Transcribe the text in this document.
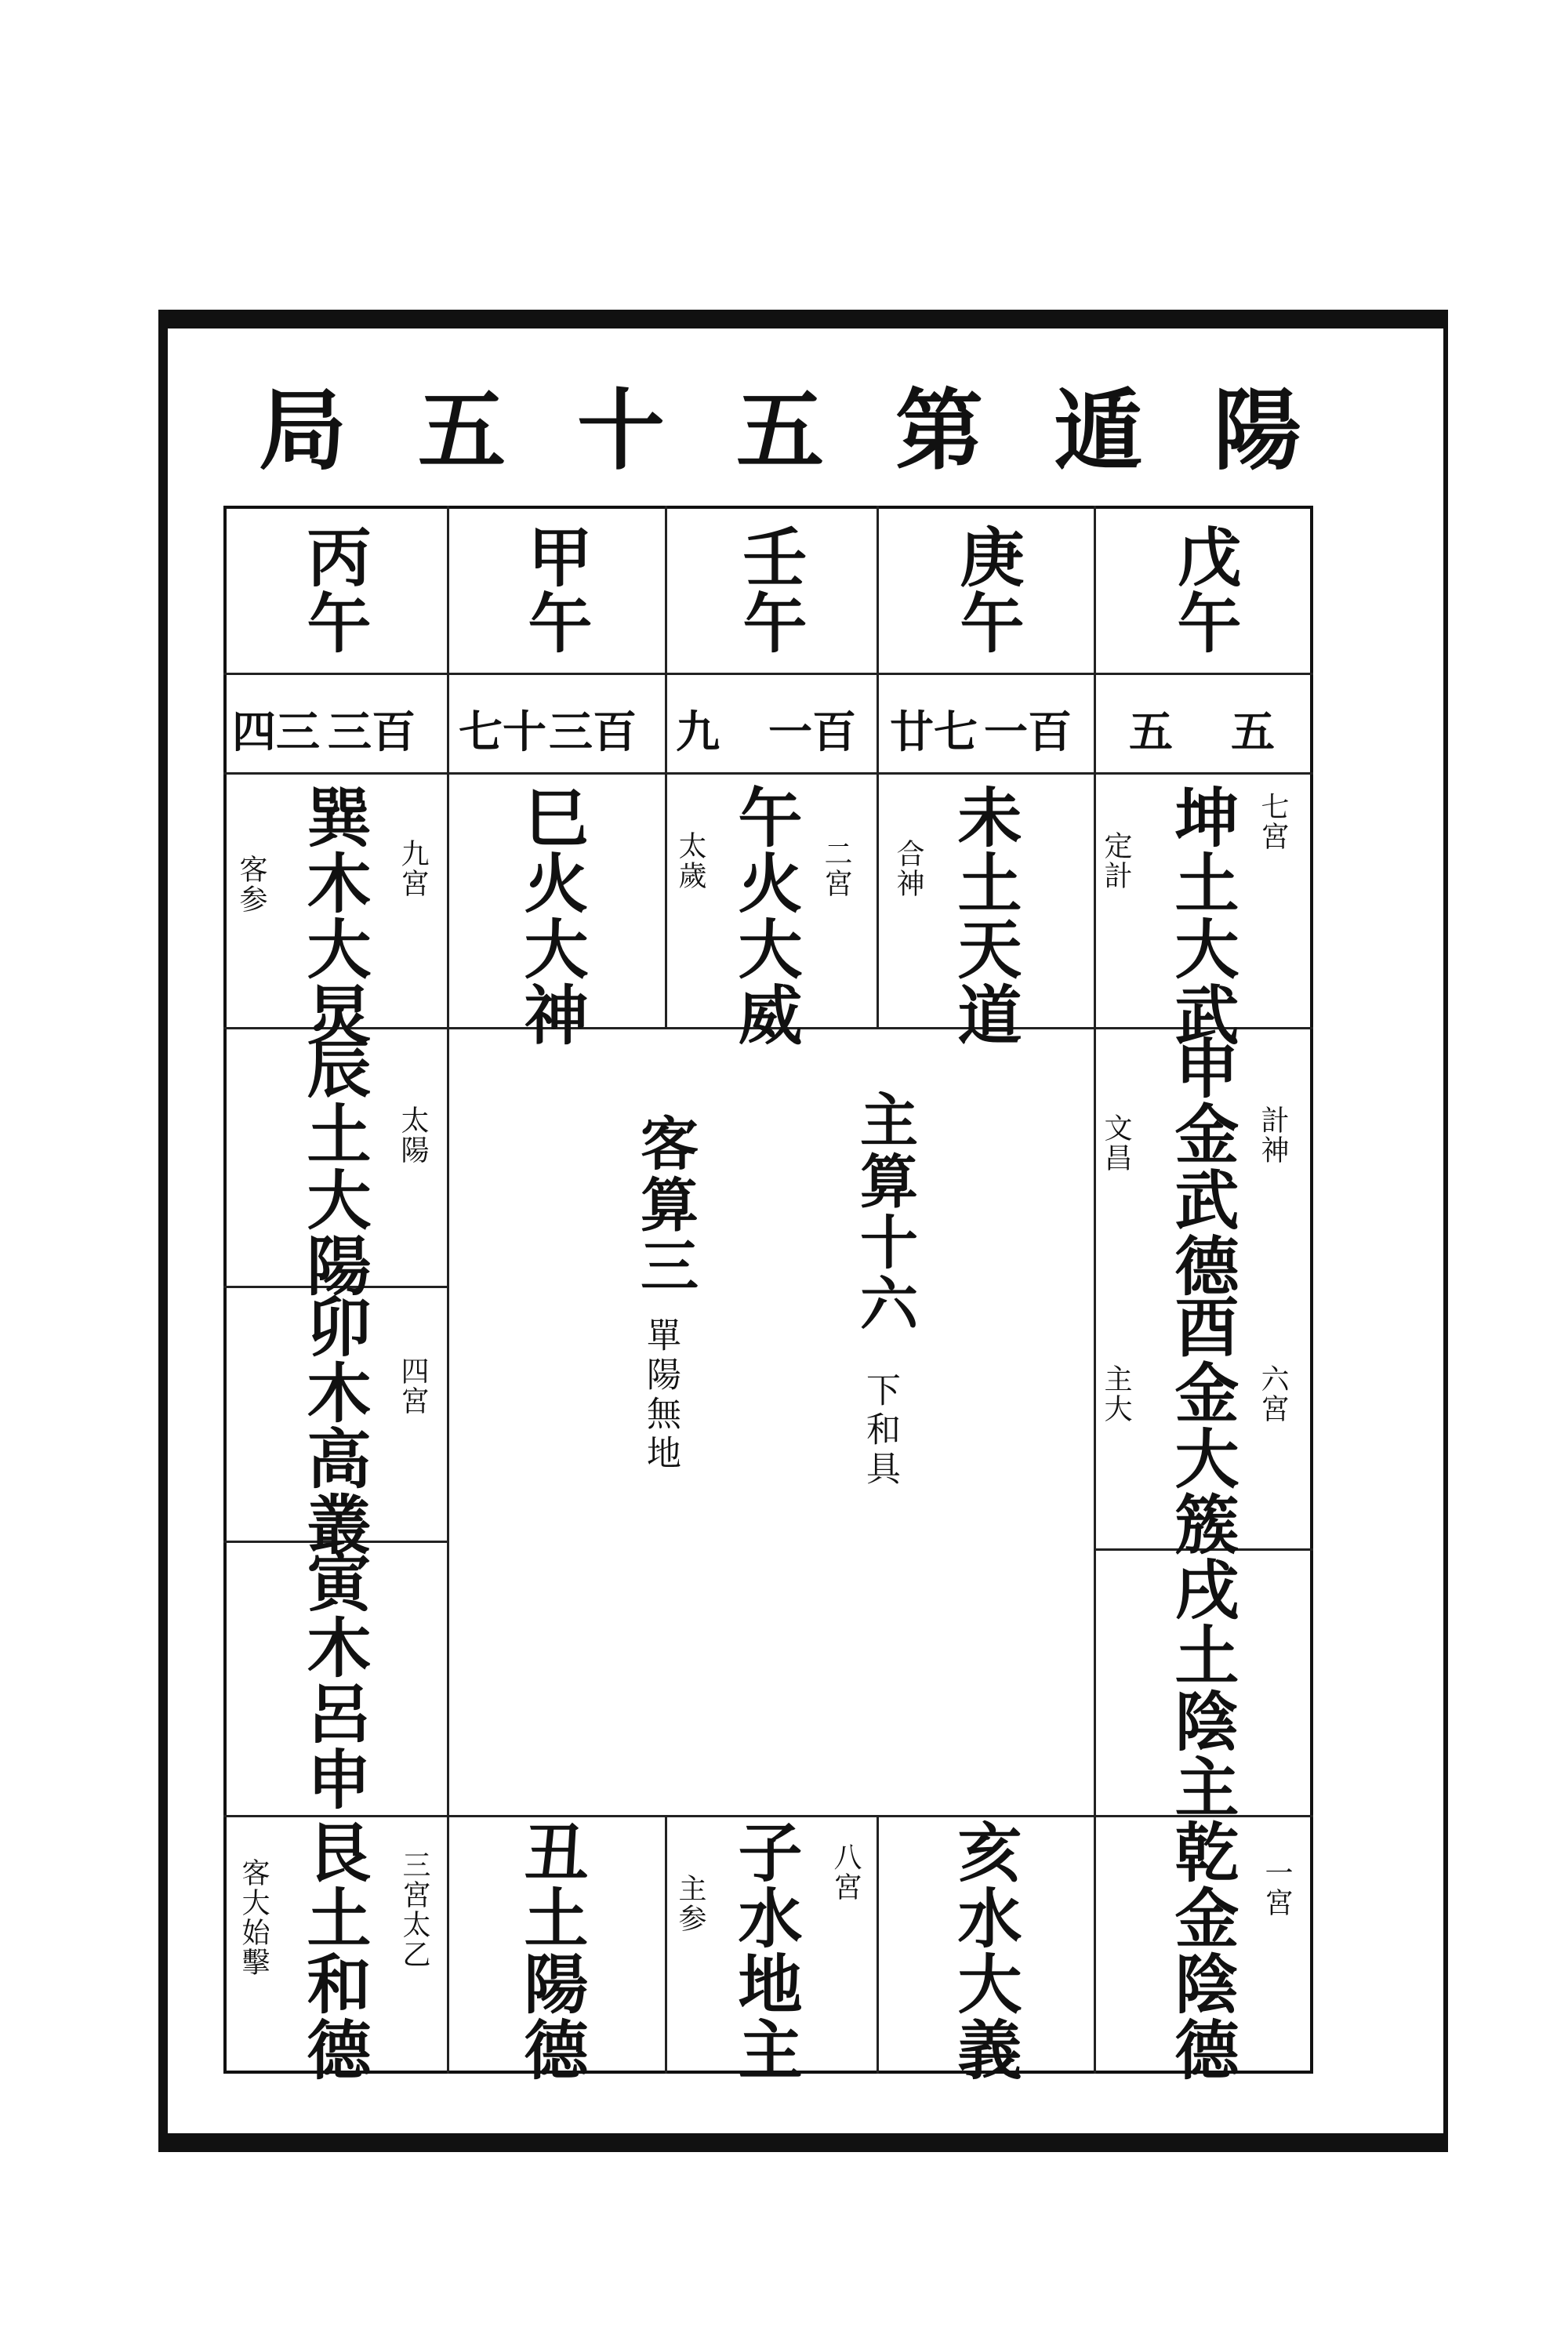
陽
遁
第
五
十
五
局
戊午
庚午
壬午
甲午
丙午
五
五
一百
廿七
一百
九
三百
七十
三百
四三
坤土大武 七宮
定計
未土天道
合神
午火大威 二宮
太歲
巳火大神
巽木大炅 九宮
客参
申金武德 計神
文昌
酉金大簇 六宮
主大
戌土陰主
辰土大陽 太陽
卯木高叢 四宮
寅木呂申
主算十六
下和具
客算三
單陽無地
乾金陰德 一宮
亥水大義
子水地主 八宮
主参
丑土陽德
艮土和德 三宮太乙
客大始擊
